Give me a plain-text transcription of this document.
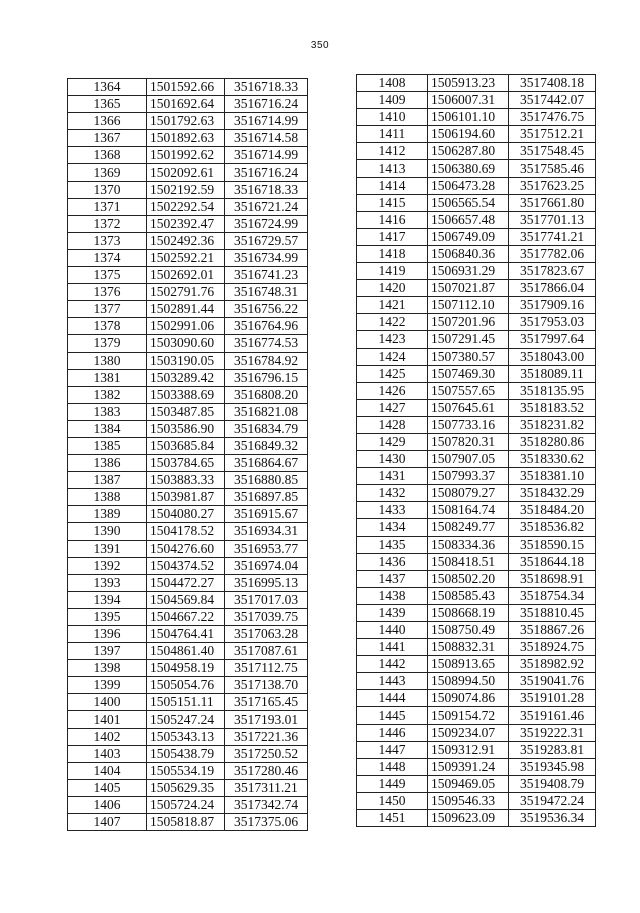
350
1364	1501592.66	3516718.33
1365	1501692.64	3516716.24
1366	1501792.63	3516714.99
1367	1501892.63	3516714.58
1368	1501992.62	3516714.99
1369	1502092.61	3516716.24
1370	1502192.59	3516718.33
1371	1502292.54	3516721.24
1372	1502392.47	3516724.99
1373	1502492.36	3516729.57
1374	1502592.21	3516734.99
1375	1502692.01	3516741.23
1376	1502791.76	3516748.31
1377	1502891.44	3516756.22
1378	1502991.06	3516764.96
1379	1503090.60	3516774.53
1380	1503190.05	3516784.92
1381	1503289.42	3516796.15
1382	1503388.69	3516808.20
1383	1503487.85	3516821.08
1384	1503586.90	3516834.79
1385	1503685.84	3516849.32
1386	1503784.65	3516864.67
1387	1503883.33	3516880.85
1388	1503981.87	3516897.85
1389	1504080.27	3516915.67
1390	1504178.52	3516934.31
1391	1504276.60	3516953.77
1392	1504374.52	3516974.04
1393	1504472.27	3516995.13
1394	1504569.84	3517017.03
1395	1504667.22	3517039.75
1396	1504764.41	3517063.28
1397	1504861.40	3517087.61
1398	1504958.19	3517112.75
1399	1505054.76	3517138.70
1400	1505151.11	3517165.45
1401	1505247.24	3517193.01
1402	1505343.13	3517221.36
1403	1505438.79	3517250.52
1404	1505534.19	3517280.46
1405	1505629.35	3517311.21
1406	1505724.24	3517342.74
1407	1505818.87	3517375.06
1408	1505913.23	3517408.18
1409	1506007.31	3517442.07
1410	1506101.10	3517476.75
1411	1506194.60	3517512.21
1412	1506287.80	3517548.45
1413	1506380.69	3517585.46
1414	1506473.28	3517623.25
1415	1506565.54	3517661.80
1416	1506657.48	3517701.13
1417	1506749.09	3517741.21
1418	1506840.36	3517782.06
1419	1506931.29	3517823.67
1420	1507021.87	3517866.04
1421	1507112.10	3517909.16
1422	1507201.96	3517953.03
1423	1507291.45	3517997.64
1424	1507380.57	3518043.00
1425	1507469.30	3518089.11
1426	1507557.65	3518135.95
1427	1507645.61	3518183.52
1428	1507733.16	3518231.82
1429	1507820.31	3518280.86
1430	1507907.05	3518330.62
1431	1507993.37	3518381.10
1432	1508079.27	3518432.29
1433	1508164.74	3518484.20
1434	1508249.77	3518536.82
1435	1508334.36	3518590.15
1436	1508418.51	3518644.18
1437	1508502.20	3518698.91
1438	1508585.43	3518754.34
1439	1508668.19	3518810.45
1440	1508750.49	3518867.26
1441	1508832.31	3518924.75
1442	1508913.65	3518982.92
1443	1508994.50	3519041.76
1444	1509074.86	3519101.28
1445	1509154.72	3519161.46
1446	1509234.07	3519222.31
1447	1509312.91	3519283.81
1448	1509391.24	3519345.98
1449	1509469.05	3519408.79
1450	1509546.33	3519472.24
1451	1509623.09	3519536.34
